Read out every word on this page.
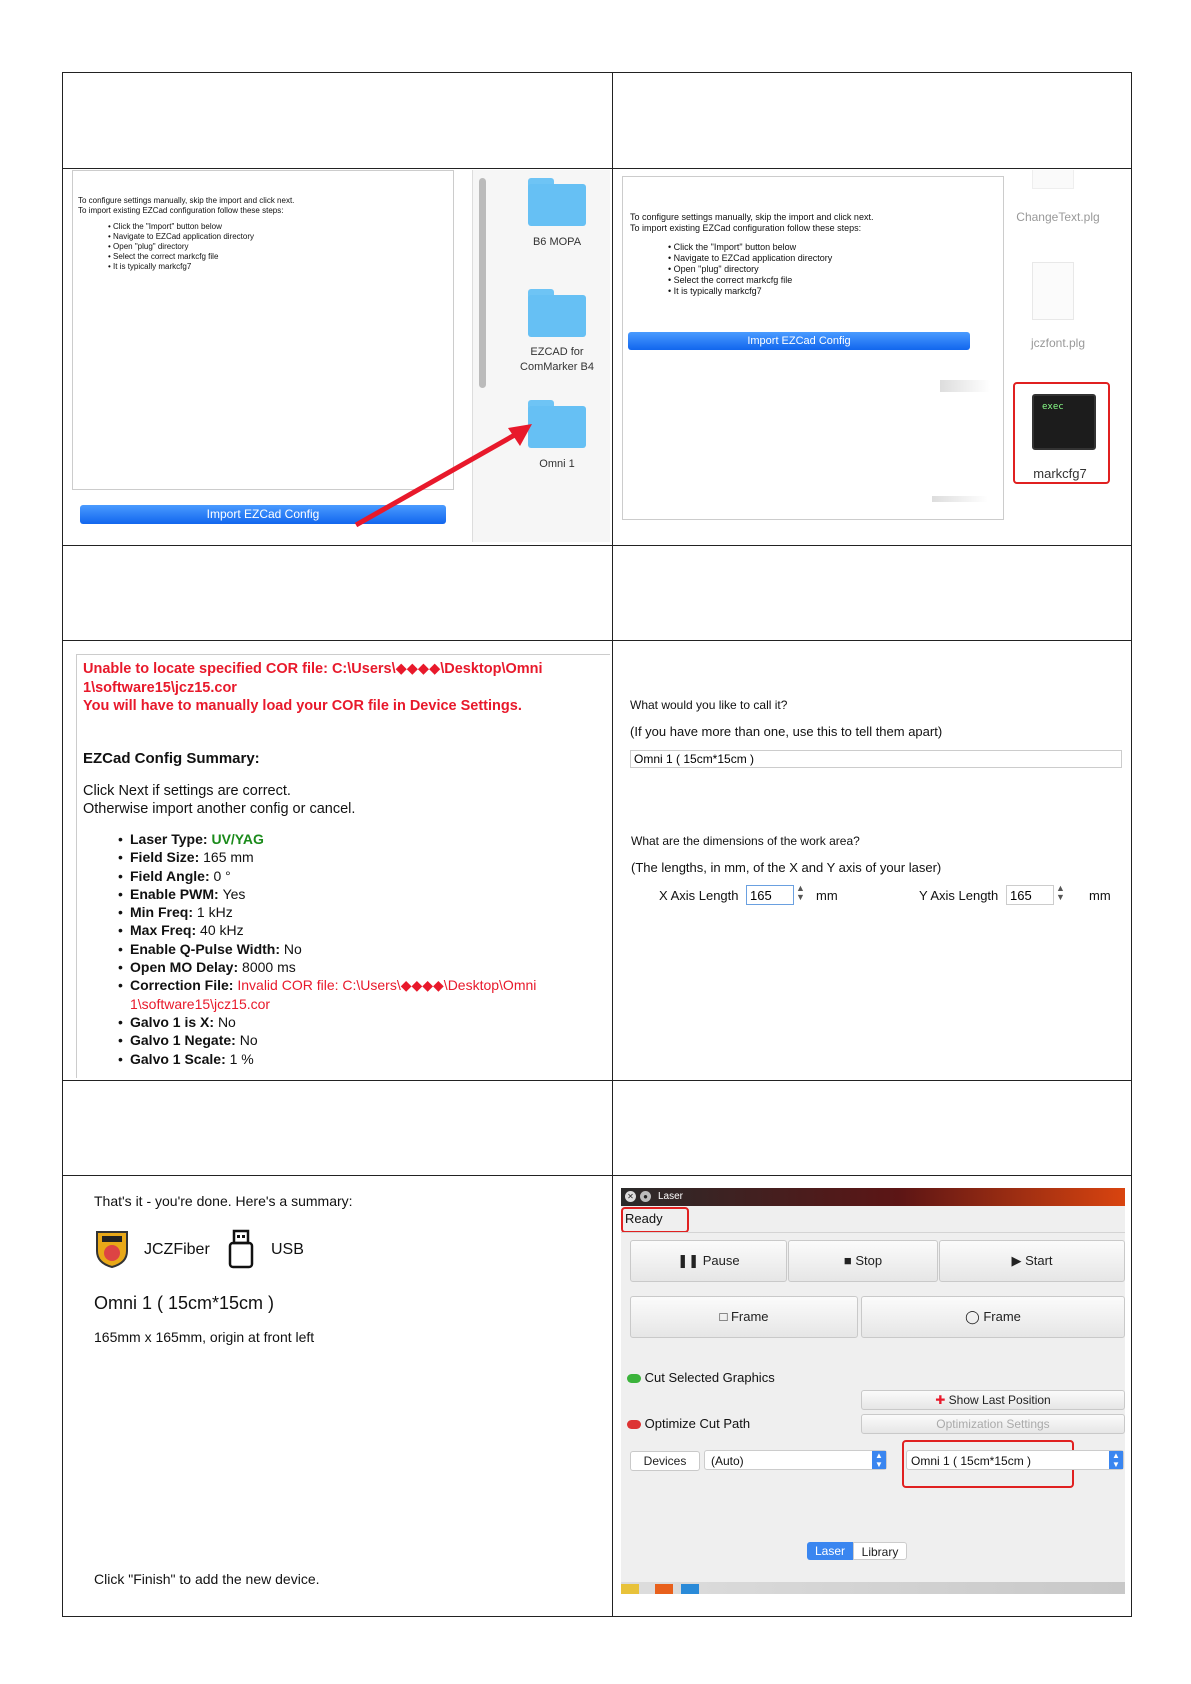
To configure settings manually, skip the import and click next.
To import existing EZCad configuration follow these steps:
• Click the "Import" button below
• Navigate to EZCad application directory
• Open "plug" directory
• Select the correct markcfg file
• It is typically markcfg7
Import EZCad Config
B6 MOPA
EZCAD for
ComMarker B4
Omni 1
To configure settings manually, skip the import and click next.
To import existing EZCad configuration follow these steps:
• Click the "Import" button below
• Navigate to EZCad application directory
• Open "plug" directory
• Select the correct markcfg file
• It is typically markcfg7
Import EZCad Config
ChangeText.plg
jczfont.plg
exec
markcfg7
Unable to locate specified COR file: C:\Users\◆◆◆◆\Desktop\Omni
1\software15\jcz15.cor
You will have to manually load your COR file in Device Settings.
EZCad Config Summary:
Click Next if settings are correct.
Otherwise import another config or cancel.
• Laser Type: UV/YAG
• Field Size: 165 mm
• Field Angle: 0 °
• Enable PWM: Yes
• Min Freq: 1 kHz
• Max Freq: 40 kHz
• Enable Q-Pulse Width: No
• Open MO Delay: 8000 ms
• Correction File: Invalid COR file: C:\Users\◆◆◆◆\Desktop\Omni
1\software15\jcz15.cor
• Galvo 1 is X: No
• Galvo 1 Negate: No
• Galvo 1 Scale: 1 %
What would you like to call it?
(If you have more than one, use this to tell them apart)
Omni 1 ( 15cm*15cm )
What are the dimensions of the work area?
(The lengths, in mm, of the X and Y axis of your laser)
X Axis Length
165	▲
▼ mm	Y Axis Length
165	▲
▼ mm
That's it - you're done. Here's a summary:
JCZFiber	USB
Omni 1 ( 15cm*15cm )
165mm x 165mm, origin at front left
Click "Finish" to add the new device.
✕	●	Laser
Ready
❚❚ Pause	■ Stop	▶ Start
□ Frame	◯ Frame
Cut Selected Graphics
✚ Show Last Position
Optimize Cut Path	Optimization Settings
Devices	(Auto)	▲
▼	Omni 1 ( 15cm*15cm )	▲
▼
Laser	Library
